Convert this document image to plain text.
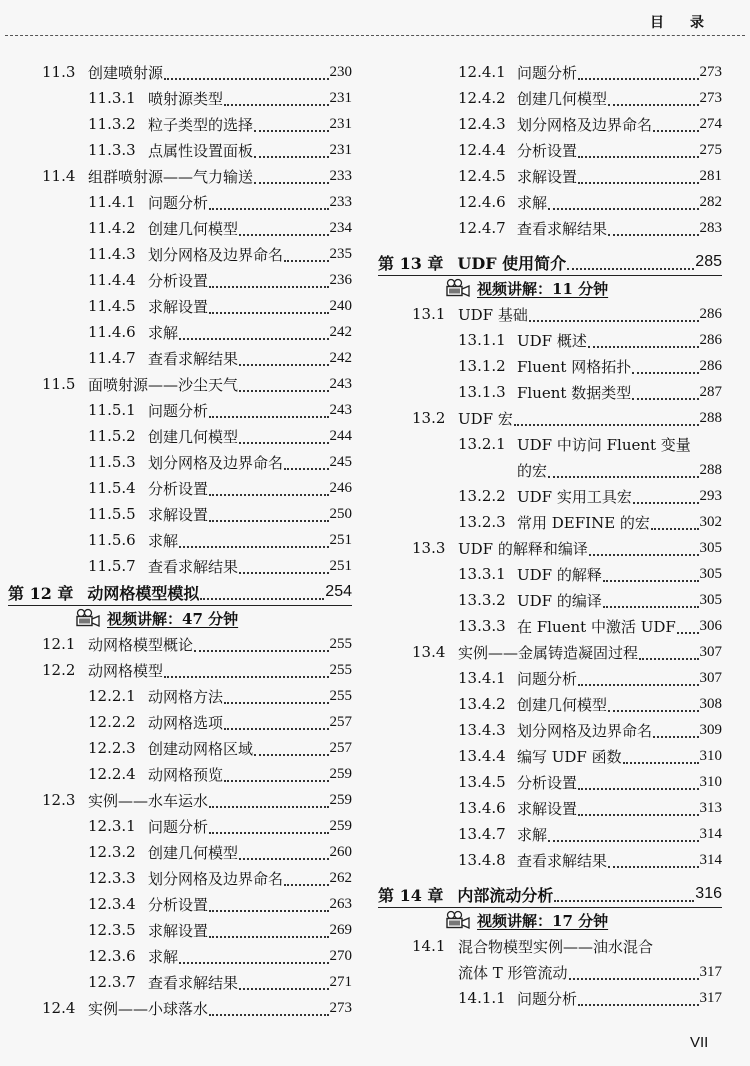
目录
11.3 创建喷射源	230
11.3.1 喷射源类型	231
11.3.2 粒子类型的选择	231
11.3.3 点属性设置面板	231
11.4 组群喷射源——气力输送	233
11.4.1 问题分析	233
11.4.2 创建几何模型	234
11.4.3 划分网格及边界命名	235
11.4.4 分析设置	236
11.4.5 求解设置	240
11.4.6 求解	242
11.4.7 查看求解结果	242
11.5 面喷射源——沙尘天气	243
11.5.1 问题分析	243
11.5.2 创建几何模型	244
11.5.3 划分网格及边界命名	245
11.5.4 分析设置	246
11.5.5 求解设置	250
11.5.6 求解	251
11.5.7 查看求解结果	251
第 12 章 动网格模型模拟	254
视频讲解：47 分钟
12.1 动网格模型概论	255
12.2 动网格模型	255
12.2.1 动网格方法	255
12.2.2 动网格选项	257
12.2.3 创建动网格区域	257
12.2.4 动网格预览	259
12.3 实例——水车运水	259
12.3.1 问题分析	259
12.3.2 创建几何模型	260
12.3.3 划分网格及边界命名	262
12.3.4 分析设置	263
12.3.5 求解设置	269
12.3.6 求解	270
12.3.7 查看求解结果	271
12.4 实例——小球落水	273
12.4.1 问题分析	273
12.4.2 创建几何模型	273
12.4.3 划分网格及边界命名	274
12.4.4 分析设置	275
12.4.5 求解设置	281
12.4.6 求解	282
12.4.7 查看求解结果	283
第 13 章 UDF 使用简介	285
视频讲解：11 分钟
13.1 UDF 基础	286
13.1.1 UDF 概述	286
13.1.2 Fluent 网格拓扑	286
13.1.3 Fluent 数据类型	287
13.2 UDF 宏	288
13.2.1 UDF 中访问 Fluent 变量
的宏	288
13.2.2 UDF 实用工具宏	293
13.2.3 常用 DEFINE 的宏	302
13.3 UDF 的解释和编译	305
13.3.1 UDF 的解释	305
13.3.2 UDF 的编译	305
13.3.3 在 Fluent 中激活 UDF 306
13.4 实例——金属铸造凝固过程	307
13.4.1 问题分析	307
13.4.2 创建几何模型	308
13.4.3 划分网格及边界命名	309
13.4.4 编写 UDF 函数	310
13.4.5 分析设置	310
13.4.6 求解设置	313
13.4.7 求解	314
13.4.8 查看求解结果	314
第 14 章 内部流动分析	316
视频讲解：17 分钟
14.1 混合物模型实例——油水混合
流体 T 形管流动	317
14.1.1 问题分析	317
VII
